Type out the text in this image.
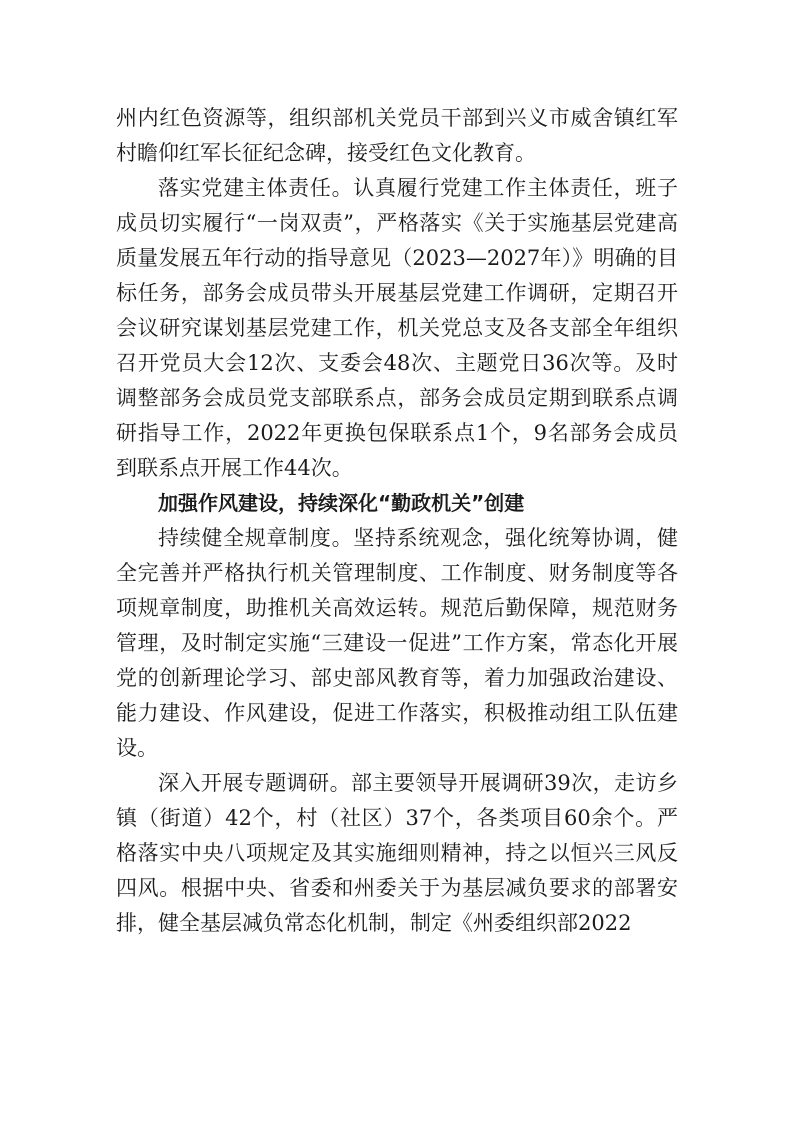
州内红色资源等，组织部机关党员干部到兴义市威舍镇红军村瞻仰红军长征纪念碑，接受红色文化教育。

落实党建主体责任。认真履行党建工作主体责任，班子成员切实履行“一岗双责”，严格落实《关于实施基层党建高质量发展五年行动的指导意见（2023—2027年）》明确的目标任务，部务会成员带头开展基层党建工作调研，定期召开会议研究谋划基层党建工作，机关党总支及各支部全年组织召开党员大会12次、支委会48次、主题党日36次等。及时调整部务会成员党支部联系点，部务会成员定期到联系点调研指导工作，2022年更换包保联系点1个，9名部务会成员到联系点开展工作44次。

加强作风建设，持续深化“勤政机关”创建

持续健全规章制度。坚持系统观念，强化统筹协调，健全完善并严格执行机关管理制度、工作制度、财务制度等各项规章制度，助推机关高效运转。规范后勤保障，规范财务管理，及时制定实施“三建设一促进”工作方案，常态化开展党的创新理论学习、部史部风教育等，着力加强政治建设、能力建设、作风建设，促进工作落实，积极推动组工队伍建设。

深入开展专题调研。部主要领导开展调研39次，走访乡镇（街道）42个，村（社区）37个，各类项目60余个。严格落实中央八项规定及其实施细则精神，持之以恒兴三风反四风。根据中央、省委和州委关于为基层减负要求的部署安排，健全基层减负常态化机制，制定《州委组织部2022
